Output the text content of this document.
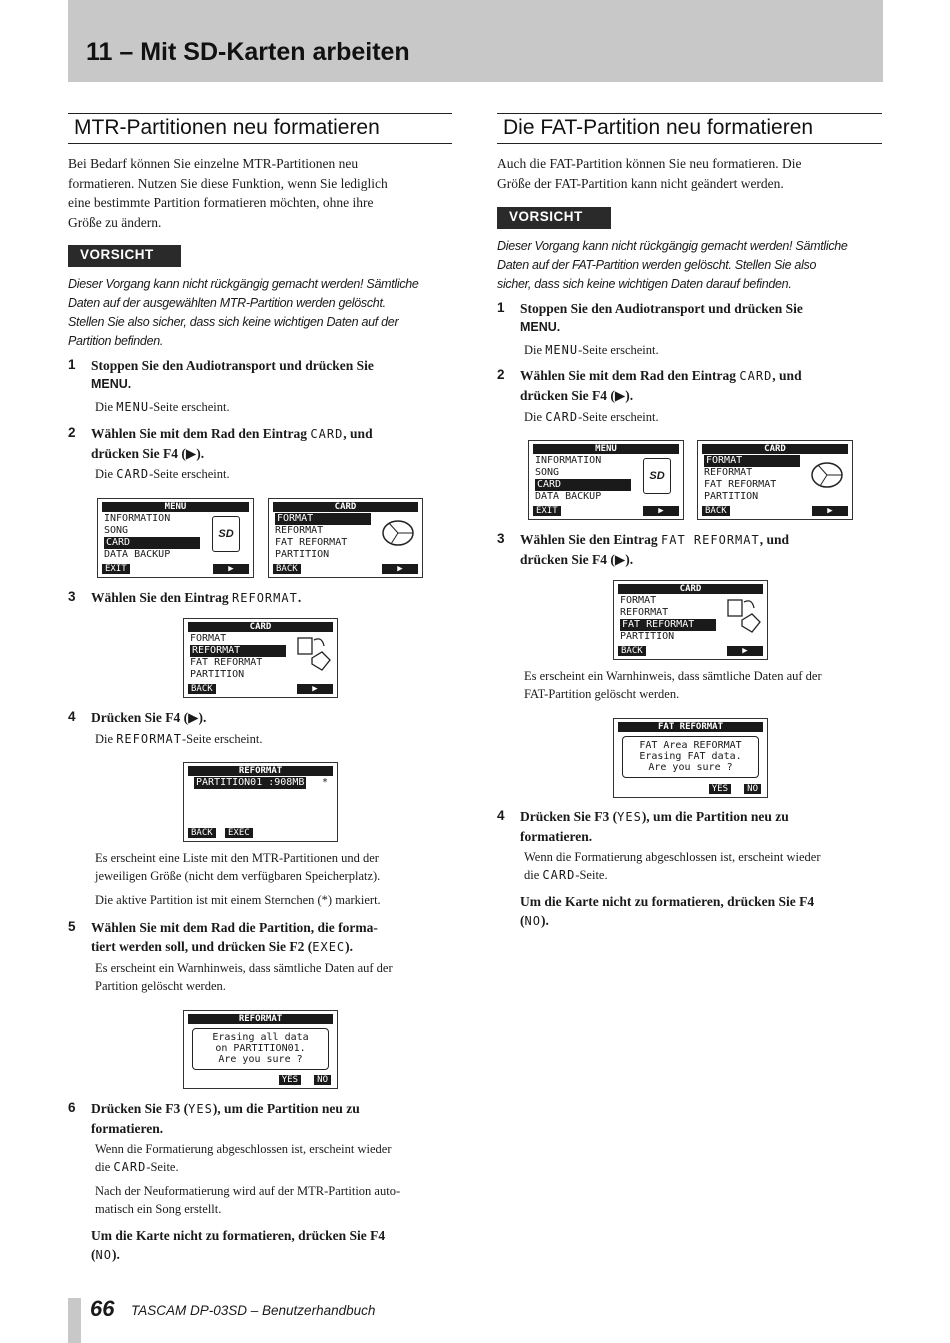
11 – Mit SD-Karten arbeiten
MTR-Partitionen neu formatieren
Bei Bedarf können Sie einzelne MTR-Partitionen neu
formatieren. Nutzen Sie diese Funktion, wenn Sie lediglich
eine bestimmte Partition formatieren möchten, ohne ihre
Größe zu ändern.
VORSICHT
Dieser Vorgang kann nicht rückgängig gemacht werden! Sämtliche
Daten auf der ausgewählten MTR-Partition werden gelöscht.
Stellen Sie also sicher, dass sich keine wichtigen Daten auf der
Partition befinden.
1 Stoppen Sie den Audiotransport und drücken Sie
MENU.
Die MENU-Seite erscheint.
2 Wählen Sie mit dem Rad den Eintrag CARD, und
drücken Sie F4 (▶).
Die CARD-Seite erscheint.
MENU
INFORMATION
SONG
CARD
DATA BACKUP
SD
EXIT	▶
CARD
FORMAT
REFORMAT
FAT REFORMAT
PARTITION
BACK	▶
3 Wählen Sie den Eintrag REFORMAT.
CARD
FORMAT
REFORMAT
FAT REFORMAT
PARTITION
BACK	▶
4 Drücken Sie F4 (▶).
Die REFORMAT-Seite erscheint.
REFORMAT
PARTITION01 :908MB *
BACK	EXEC
Es erscheint eine Liste mit den MTR-Partitionen und der
jeweiligen Größe (nicht dem verfügbaren Speicherplatz).
Die aktive Partition ist mit einem Sternchen (*) markiert.
5 Wählen Sie mit dem Rad die Partition, die forma-
tiert werden soll, und drücken Sie F2 (EXEC).
Es erscheint ein Warnhinweis, dass sämtliche Daten auf der
Partition gelöscht werden.
REFORMAT
Erasing all data
on PARTITION01.
Are you sure ?
YES	NO
6 Drücken Sie F3 (YES), um die Partition neu zu
formatieren.
Wenn die Formatierung abgeschlossen ist, erscheint wieder
die CARD-Seite.
Nach der Neuformatierung wird auf der MTR-Partition auto-
matisch ein Song erstellt.
Um die Karte nicht zu formatieren, drücken Sie F4
(NO).
Die FAT-Partition neu formatieren
Auch die FAT-Partition können Sie neu formatieren. Die
Größe der FAT-Partition kann nicht geändert werden.
VORSICHT
Dieser Vorgang kann nicht rückgängig gemacht werden! Sämtliche
Daten auf der FAT-Partition werden gelöscht. Stellen Sie also
sicher, dass sich keine wichtigen Daten darauf befinden.
1 Stoppen Sie den Audiotransport und drücken Sie
MENU.
Die MENU-Seite erscheint.
2 Wählen Sie mit dem Rad den Eintrag CARD, und
drücken Sie F4 (▶).
Die CARD-Seite erscheint.
MENU
INFORMATION
SONG
CARD
DATA BACKUP
SD
EXIT	▶
CARD
FORMAT
REFORMAT
FAT REFORMAT
PARTITION
BACK	▶
3 Wählen Sie den Eintrag FAT REFORMAT, und
drücken Sie F4 (▶).
CARD
FORMAT
REFORMAT
FAT REFORMAT
PARTITION
BACK	▶
Es erscheint ein Warnhinweis, dass sämtliche Daten auf der
FAT-Partition gelöscht werden.
FAT REFORMAT
FAT Area REFORMAT
Erasing FAT data.
Are you sure ?
YES	NO
4 Drücken Sie F3 (YES), um die Partition neu zu
formatieren.
Wenn die Formatierung abgeschlossen ist, erscheint wieder
die CARD-Seite.
Um die Karte nicht zu formatieren, drücken Sie F4
(NO).
66 TASCAM DP-03SD – Benutzerhandbuch
